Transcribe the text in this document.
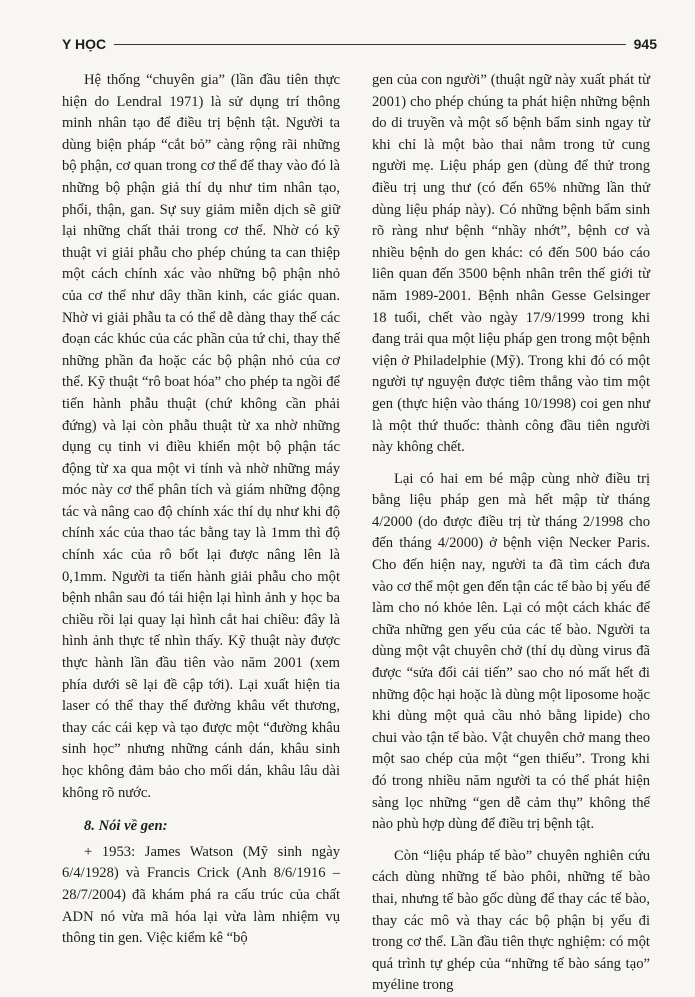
Y HỌC	945

Hệ thống “chuyên gia” (lần đầu tiên thực hiện do Lendral 1971) là sử dụng trí thông minh nhân tạo để điều trị bệnh tật. Người ta dùng biện pháp “cắt bỏ” càng rộng rãi những bộ phận, cơ quan trong cơ thể để thay vào đó là những bộ phận giả thí dụ như tim nhân tạo, phổi, thận, gan. Sự suy giảm miễn dịch sẽ giữ lại những chất thải trong cơ thể. Nhờ có kỹ thuật vi giải phẫu cho phép chúng ta can thiệp một cách chính xác vào những bộ phận nhỏ của cơ thể như dây thần kinh, các giác quan. Nhờ vi giải phẫu ta có thể dễ dàng thay thế các đoạn các khúc của các phần của tứ chi, thay thế những phần đa hoặc các bộ phận nhỏ của cơ thể. Kỹ thuật “rô boat hóa” cho phép ta ngồi để tiến hành phẫu thuật (chứ không cần phải đứng) và lại còn phẫu thuật từ xa nhờ những dụng cụ tinh vi điều khiển một bộ phận tác động từ xa qua một vi tính và nhờ những máy móc này cơ thể phân tích và giám những động tác và nâng cao độ chính xác thí dụ như khi độ chính xác của thao tác bằng tay là 1mm thì độ chính xác của rô bốt lại được nâng lên là 0,1mm. Người ta tiến hành giải phẫu cho một bệnh nhân sau đó tái hiện lại hình ảnh y học ba chiều rồi lại quay lại hình cắt hai chiều: đây là hình ảnh thực tế nhìn thấy. Kỹ thuật này được thực hành lần đầu tiên vào năm 2001 (xem phía dưới sẽ lại đề cập tới). Lại xuất hiện tia laser có thể thay thế đường khâu vết thương, thay các cái kẹp và tạo được một “đường khâu sinh học” nhưng những cánh dán, khâu sinh học không đảm bảo cho mối dán, khâu lâu dài không rõ nước.

8. Nói về gen:

+ 1953: James Watson (Mỹ sinh ngày 6/4/1928) và Francis Crick (Anh 8/6/1916 – 28/7/2004) đã khám phá ra cấu trúc của chất ADN nó vừa mã hóa lại vừa làm nhiệm vụ thông tin gen. Việc kiểm kê “bộ

gen của con người” (thuật ngữ này xuất phát từ 2001) cho phép chúng ta phát hiện những bệnh do di truyền và một số bệnh bẩm sinh ngay từ khi chỉ là một bào thai nằm trong tử cung người mẹ. Liệu pháp gen (dùng để thử trong điều trị ung thư (có đến 65% những lần thử dùng liệu pháp này). Có những bệnh bẩm sinh rõ ràng như bệnh “nhầy nhớt”, bệnh cơ và nhiều bệnh do gen khác: có đến 500 báo cáo liên quan đến 3500 bệnh nhân trên thế giới từ năm 1989-2001. Bệnh nhân Gesse Gelsinger 18 tuổi, chết vào ngày 17/9/1999 trong khi đang trải qua một liệu pháp gen trong một bệnh viện ở Philadelphie (Mỹ). Trong khi đó có một người tự nguyện được tiêm thẳng vào tim một gen (thực hiện vào tháng 10/1998) coi gen như là một thứ thuốc: thành công đầu tiên người này không chết.

Lại có hai em bé mập cùng nhờ điều trị bằng liệu pháp gen mà hết mập từ tháng 4/2000 (do được điều trị từ tháng 2/1998 cho đến tháng 4/2000) ở bệnh viện Necker Paris. Cho đến hiện nay, người ta đã tìm cách đưa vào cơ thể một gen đến tận các tế bào bị yếu để làm cho nó khỏe lên. Lại có một cách khác để chữa những gen yếu của các tế bào. Người ta dùng một vật chuyên chở (thí dụ dùng virus đã được “sửa đổi cải tiến” sao cho nó mất hết đi những độc hại hoặc là dùng một liposome hoặc khi dùng một quả cầu nhỏ bằng lipide) cho chui vào tận tế bào. Vật chuyên chở mang theo một sao chép của một “gen thiếu”. Trong khi đó trong nhiều năm người ta có thể phát hiện sàng lọc những “gen dễ cảm thụ” không thể nào phù hợp dùng để điều trị bệnh tật.

Còn “liệu pháp tế bào” chuyên nghiên cứu cách dùng những tế bào phôi, những tế bào thai, nhưng tế bào gốc dùng để thay các tế bào, thay các mô và thay các bộ phận bị yếu đi trong cơ thể. Lần đầu tiên thực nghiệm: có một quá trình tự ghép của “những tế bào sáng tạo” myéline trong
